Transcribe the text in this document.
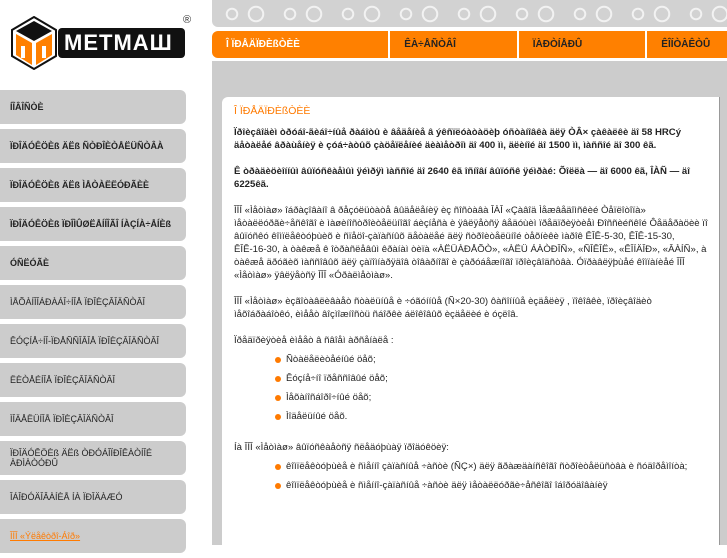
МЕТМАШ
®
Î ÏÐÅÄÏÐÈßÒÈÈ	ÊÀ÷ÅÑÒÂÎ	ÏÀÐÒÍÅÐÛ	ÊÎÍÒÀÊÒÛ
ÍÎÂÎÑÒÈ
ÏÐÎÄÓÊÖÈß ÄËß ÑÒÐÎÈÒÅËÜÑÒÂÀ
ÏÐÎÄÓÊÖÈß ÄËß ÌÅÒÀËËÓÐÃÈÈ
ÏÐÎÄÓÊÖÈß ÏÐÎÌÛØËÅÍÍÎÃÎ ÍÀÇÍÀ÷ÅÍÈß
ÓÑËÓÃÈ
ÌÅÕÀÍÎÎÁÐÀÁÎ÷ÍÎÅ ÏÐÎÈÇÂÎÄÑÒÂÎ
ÊÓÇÍÅ÷ÍÎ-ÏÐÅÑÑÎÂÎÅ ÏÐÎÈÇÂÎÄÑÒÂÎ
ËÈÒÅÉÍÎÅ ÏÐÎÈÇÂÎÄÑÒÂÎ
ÌÎÄÅËÜÍÎÅ ÏÐÎÈÇÂÎÄÑÒÂÎ
ÏÐÎÄÓÊÖÈß ÄËß ÒÐÓÁÎÏÐÎÊÀÒÍÎÉ ÀÐÌÀÒÓÐÛ
ÎÁÎÐÓÄÎÂÀÍÈÅ ÍÀ ÏÐÎÄÀÆÓ
ÎÎÎ «Ýëåêòðî-Áîð»
Î ÏÐÅÄÏÐÈßÒÈÈ

Ïðîèçâîäèì òðóáî-ãèáî÷íûå ðàáîòû è âåäåíèå â ýêñïëóàòàöèþ óñòàíîâêà äëÿ ÒÂ× çàêàëêè äî 58 HRCý äåòàëåé âðàùåíèÿ è çóá÷àòûõ çàöåïëåíèé äèàìåòðîì äî 400 ìì, äëèíîé äî 1500 ìì, ìàññîé äî 300 êã.

Ê òðàäèöèîííûì âûïóñêàåìûì ÿéìðÿì ìàññîé äî 2640 êã îñíîâí âûïóñê ÿéìðàé: Õîëëà — äî 6000 êã, ÎÀÑ — äî 6225êã.

ÎÎÎ «Ìåòìàø» îáðàçîâàíî â ðåçóëüòàòå âûäåëåíèÿ èç ñîñòàâà ÎÀÎ «Çàâîä Ìåæâåäîìñêèé Òåïëîòîïà» ìåòàëëóðãè÷åñêîãî è ìàøèíîñòðîèòåëüíîãî áèçíåñà è ÿâëÿåòñÿ âåäóùèì ïðåäïðèÿòèåì Ðîññèéñêîé Ôåäåðàöèè ïî âûïóñêó êîìïëåêòóþùèõ è ñïåöî-çàïàñíûõ äåòàëåé äëÿ ñòðîèòåëüíîé òåõíèêè ìàðîê ÊÎÊ-5-30, ÊÎÊ-15-30, ÊÎÊ-16-30, à òàêæå ê îòðàñëåâûì êðàíàì òèïà «ÀËÜÀÐÅÕÒ», «ÀËÜ ÁÀÒÐÎÑ», «ÑÎÊÎË», «ÊÎÍÄÎÐ», «ÂÀÍÑ», à òàêæå äðóãèõ ìàññîâûõ äëÿ çàïîìíàðÿäîâ òîâàðíîãî è çàðóáåæíîãî ïðîèçâîäñòâà. Óïðàâëÿþùåé êîìïàíèåé ÎÎÎ «Ìåòìàø» ÿâëÿåòñÿ ÎÎÎ «Óðàëìåòìàø».

ÎÎÎ «Ìåòìàø» èçãîòàâëèâàåò ñòàëüíûå è ÷óãóííûå (Ñ×20-30) ôàñîííûå èçäåëèÿ , ïîêîâêè, ïðîèçâîäèò ìåõîáðàáîòêó, èìååò âîçìîæíîñòü ñáîðêè áëîêîâûõ èçäåëèé è óçëîâ.

Ïðåäïðèÿòèå èìååò â ñâîåì àðñåíàëå :

Ñòàëåëèòåéíûé öåõ;
Êóçíå÷íî ïðåññîâûé öåõ;
Ìåõàíîñáîðî÷íûé öåõ;
Ìîäåëüíûé öåõ.

Íà ÎÎÎ «Ìåòìàø» âûïóñêàåòñÿ ñëåäóþùàÿ ïðîäóêöèÿ:

êîìïëåêòóþùèå è ñìåííî çàïàñíûå ÷àñòè (ÑÇ×) äëÿ ãðàæäàíñêîãî ñòðîèòåëüñòâà è ñóäîðåìîíòà;
êîìïëåêòóþùèå è ñìåííî-çàïàñíûå ÷àñòè äëÿ ìåòàëëóðãè÷åñêîãî îáîðóäîâàíèÿ
